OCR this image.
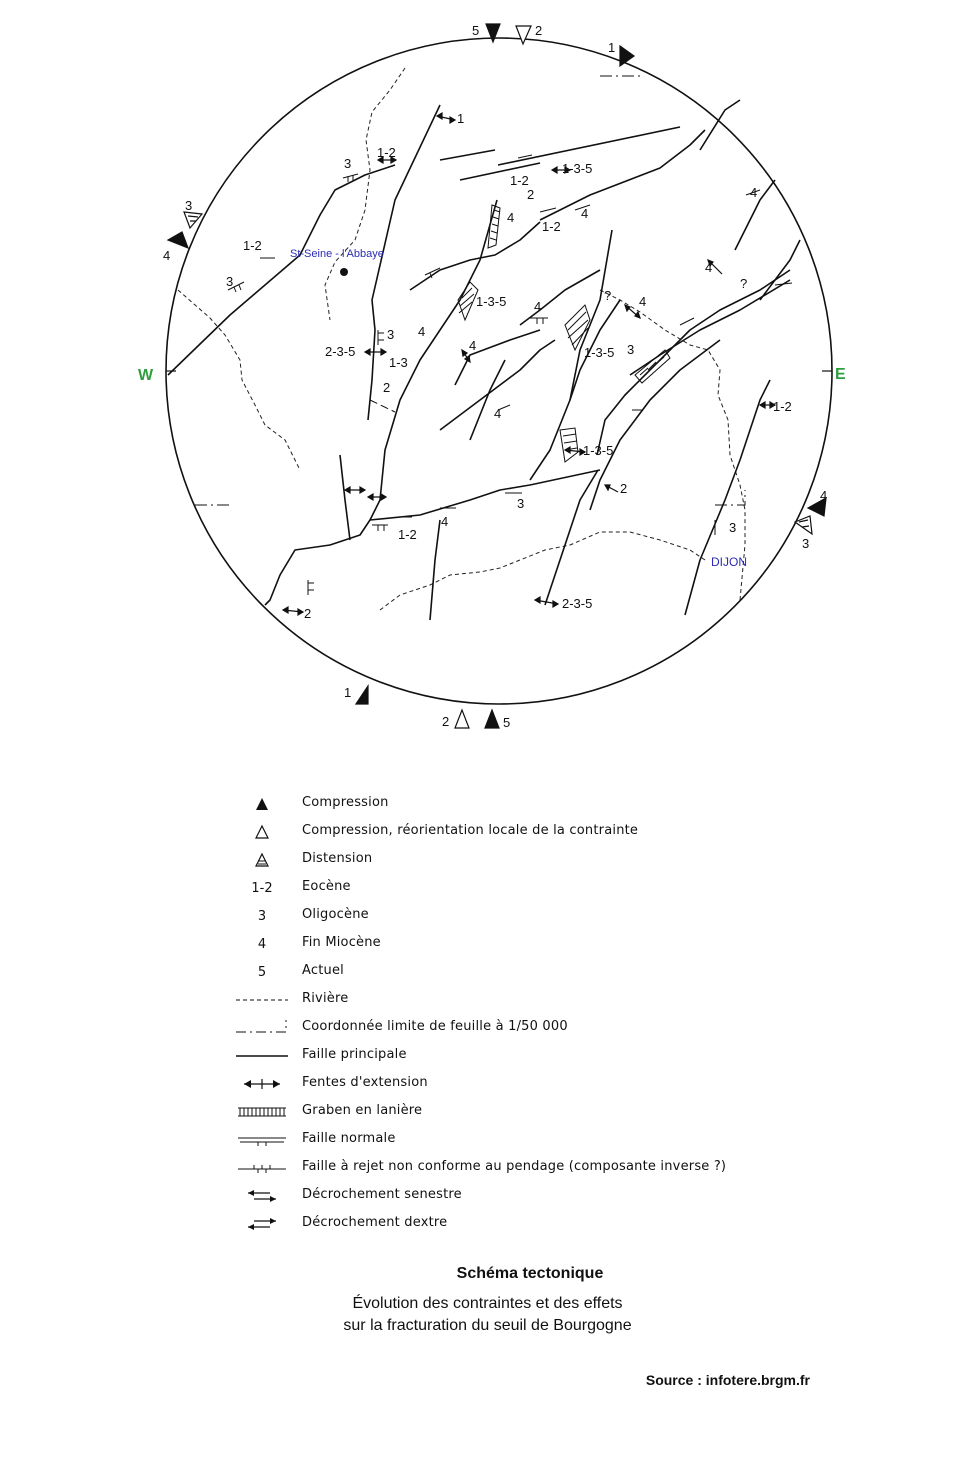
W	E
St-Seine - l'Abbaye
DIJON
5	2
1
3
4
4
3
1
2	5
1
1-2
3	1-3-5
1-2
2
4	4
1-2
1-2
3
4
?
?
4
1-3-5 4
3
2-3-5
4
1-3
4	1-3-5
4
3
2
4	1-2
1-3-5
2
3
4
1-2	3
2
2-3-5
Compression
Compression, réorientation locale de la contrainte
Distension
1-2	Eocène
3	Oligocène
4	Fin Miocène
5	Actuel
Rivière
Coordonnée limite de feuille à 1/50 000
Faille principale
Fentes d'extension
Graben en lanière
Faille normale
Faille à rejet non conforme au pendage (composante inverse ?)
Décrochement senestre
Décrochement dextre
Schéma tectonique
Évolution des contraintes et des effets
sur la fracturation du seuil de Bourgogne
Source : infotere.brgm.fr
